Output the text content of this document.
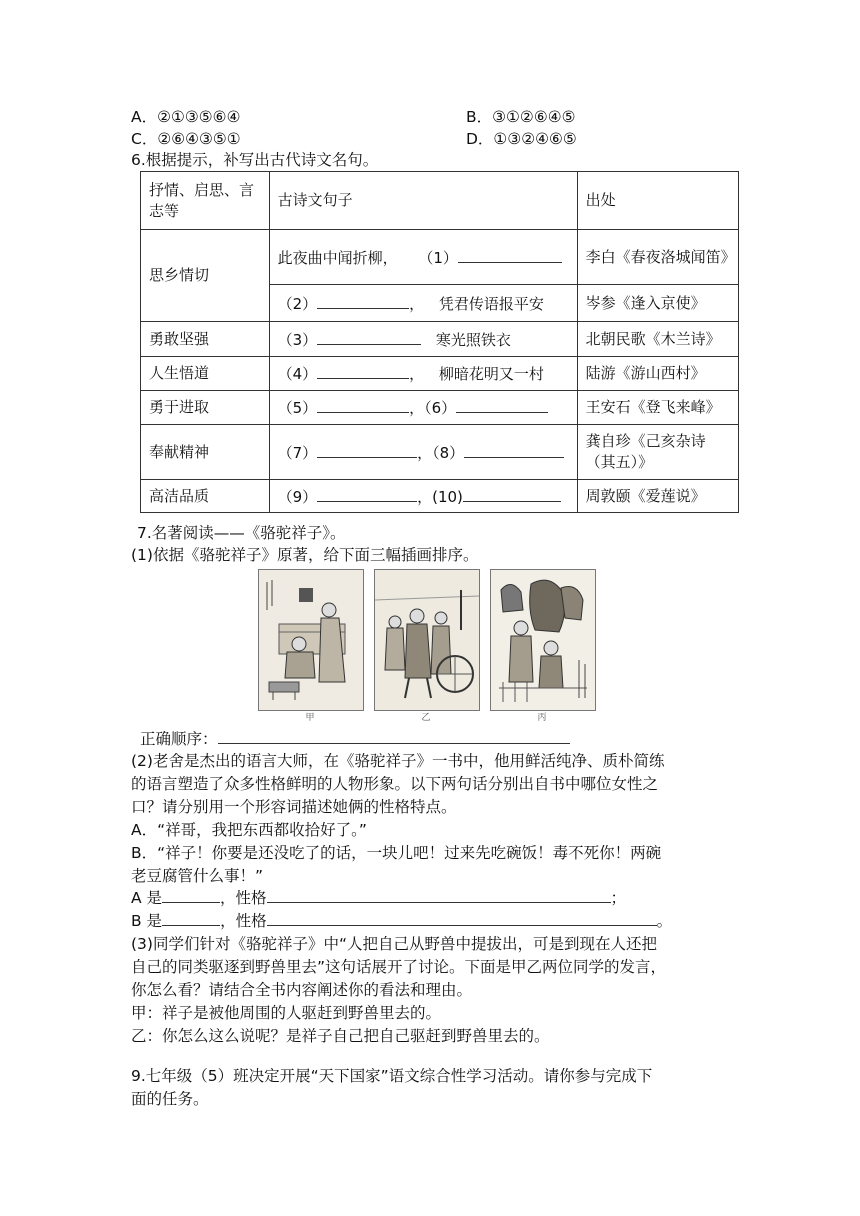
A．②①③⑤⑥④	B．③①②⑥④⑤
C．②⑥④③⑤①	D．①③②④⑥⑤
6.根据提示，补写出古代诗文名句。
抒情、启思、言志等	古诗文句子	出处
思乡情切	此夜曲中闻折柳， （1）	李白《春夜洛城闻笛》
	（2） ， 凭君传语报平安	岑参《逢入京使》
勇敢坚强	（3） 寒光照铁衣	北朝民歌《木兰诗》
人生悟道	（4） ， 柳暗花明又一村	陆游《游山西村》
勇于进取	（5） ，（6）	王安石《登飞来峰》
奉献精神	（7） ，（8）	龚自珍《己亥杂诗（其五）》
高洁品质	（9） ，(10)	周敦颐《爱莲说》
7.名著阅读——《骆驼祥子》。
(1)依据《骆驼祥子》原著，给下面三幅插画排序。
甲	乙	丙
正确顺序：
(2)老舍是杰出的语言大师，在《骆驼祥子》一书中，他用鲜活纯净、质朴简练
的语言塑造了众多性格鲜明的人物形象。以下两句话分别出自书中哪位女性之
口？请分别用一个形容词描述她俩的性格特点。
A．“祥哥，我把东西都收拾好了。”
B．“祥子！你要是还没吃了的话，一块儿吧！过来先吃碗饭！毒不死你！两碗
老豆腐管什么事！”
A 是	，性格	；
B 是	，性格	。
(3)同学们针对《骆驼祥子》中“人把自己从野兽中提拔出，可是到现在人还把
自己的同类驱逐到野兽里去”这句话展开了讨论。下面是甲乙两位同学的发言，
你怎么看？请结合全书内容阐述你的看法和理由。
甲：祥子是被他周围的人驱赶到野兽里去的。
乙：你怎么这么说呢？是祥子自己把自己驱赶到野兽里去的。
9.七年级（5）班决定开展“天下国家”语文综合性学习活动。请你参与完成下
面的任务。
